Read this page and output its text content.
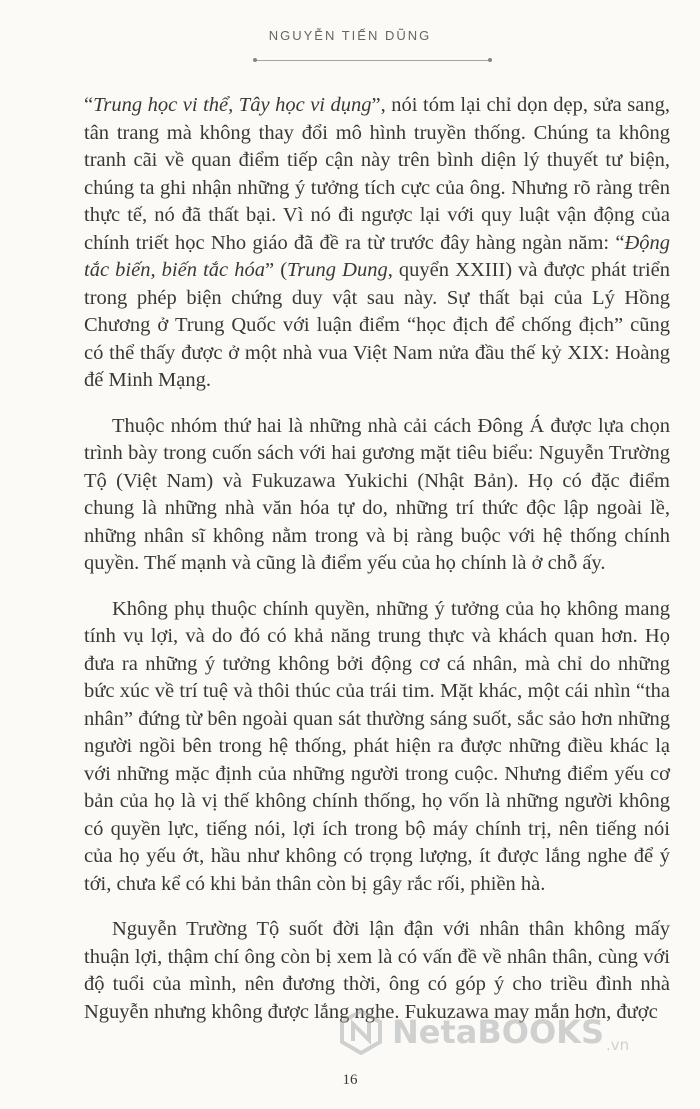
NGUYỄN TIẾN DŨNG

“Trung học vi thể, Tây học vi dụng”, nói tóm lại chỉ dọn dẹp, sửa sang, tân trang mà không thay đổi mô hình truyền thống. Chúng ta không tranh cãi về quan điểm tiếp cận này trên bình diện lý thuyết tư biện, chúng ta ghi nhận những ý tưởng tích cực của ông. Nhưng rõ ràng trên thực tế, nó đã thất bại. Vì nó đi ngược lại với quy luật vận động của chính triết học Nho giáo đã đề ra từ trước đây hàng ngàn năm: “Động tắc biến, biến tắc hóa” (Trung Dung, quyển XXIII) và được phát triển trong phép biện chứng duy vật sau này. Sự thất bại của Lý Hồng Chương ở Trung Quốc với luận điểm “học địch để chống địch” cũng có thể thấy được ở một nhà vua Việt Nam nửa đầu thế kỷ XIX: Hoàng đế Minh Mạng.

Thuộc nhóm thứ hai là những nhà cải cách Đông Á được lựa chọn trình bày trong cuốn sách với hai gương mặt tiêu biểu: Nguyễn Trường Tộ (Việt Nam) và Fukuzawa Yukichi (Nhật Bản). Họ có đặc điểm chung là những nhà văn hóa tự do, những trí thức độc lập ngoài lề, những nhân sĩ không nằm trong và bị ràng buộc với hệ thống chính quyền. Thế mạnh và cũng là điểm yếu của họ chính là ở chỗ ấy.

Không phụ thuộc chính quyền, những ý tưởng của họ không mang tính vụ lợi, và do đó có khả năng trung thực và khách quan hơn. Họ đưa ra những ý tưởng không bởi động cơ cá nhân, mà chỉ do những bức xúc về trí tuệ và thôi thúc của trái tim. Mặt khác, một cái nhìn “tha nhân” đứng từ bên ngoài quan sát thường sáng suốt, sắc sảo hơn những người ngồi bên trong hệ thống, phát hiện ra được những điều khác lạ với những mặc định của những người trong cuộc. Nhưng điểm yếu cơ bản của họ là vị thế không chính thống, họ vốn là những người không có quyền lực, tiếng nói, lợi ích trong bộ máy chính trị, nên tiếng nói của họ yếu ớt, hầu như không có trọng lượng, ít được lắng nghe để ý tới, chưa kể có khi bản thân còn bị gây rắc rối, phiền hà.

Nguyễn Trường Tộ suốt đời lận đận với nhân thân không mấy thuận lợi, thậm chí ông còn bị xem là có vấn đề về nhân thân, cùng với độ tuổi của mình, nên đương thời, ông có góp ý cho triều đình nhà Nguyễn nhưng không được lắng nghe. Fukuzawa may mắn hơn, được

NetaBOOKS .vn
16
